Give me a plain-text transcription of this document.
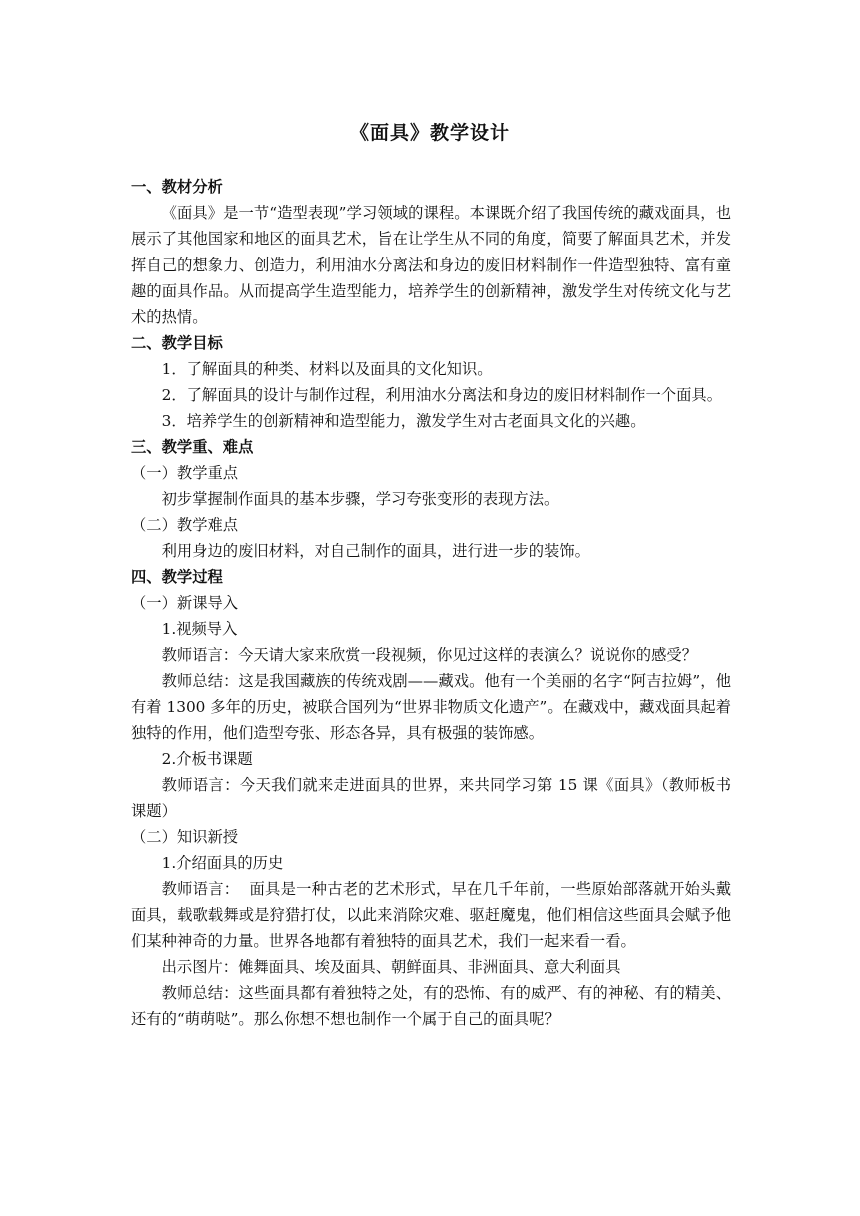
《面具》教学设计

一、教材分析

《面具》是一节“造型表现”学习领域的课程。本课既介绍了我国传统的藏戏面具，也展示了其他国家和地区的面具艺术，旨在让学生从不同的角度，简要了解面具艺术，并发挥自己的想象力、创造力，利用油水分离法和身边的废旧材料制作一件造型独特、富有童趣的面具作品。从而提高学生造型能力，培养学生的创新精神，激发学生对传统文化与艺术的热情。

二、教学目标

1．了解面具的种类、材料以及面具的文化知识。

2．了解面具的设计与制作过程，利用油水分离法和身边的废旧材料制作一个面具。

3．培养学生的创新精神和造型能力，激发学生对古老面具文化的兴趣。

三、教学重、难点

（一）教学重点

初步掌握制作面具的基本步骤，学习夸张变形的表现方法。

（二）教学难点

利用身边的废旧材料，对自己制作的面具，进行进一步的装饰。

四、教学过程

（一）新课导入

1.视频导入

教师语言：今天请大家来欣赏一段视频，你见过这样的表演么？说说你的感受？

教师总结：这是我国藏族的传统戏剧——藏戏。他有一个美丽的名字“阿吉拉姆”，他有着 1300 多年的历史，被联合国列为“世界非物质文化遗产”。在藏戏中，藏戏面具起着独特的作用，他们造型夸张、形态各异，具有极强的装饰感。

2.介板书课题

教师语言：今天我们就来走进面具的世界，来共同学习第 15 课《面具》（教师板书课题）

（二）知识新授

1.介绍面具的历史

教师语言：  面具是一种古老的艺术形式，早在几千年前，一些原始部落就开始头戴面具，载歌载舞或是狩猎打仗，以此来消除灾难、驱赶魔鬼，他们相信这些面具会赋予他们某种神奇的力量。世界各地都有着独特的面具艺术，我们一起来看一看。

出示图片：傩舞面具、埃及面具、朝鲜面具、非洲面具、意大利面具

教师总结：这些面具都有着独特之处，有的恐怖、有的威严、有的神秘、有的精美、还有的“萌萌哒”。那么你想不想也制作一个属于自己的面具呢？
